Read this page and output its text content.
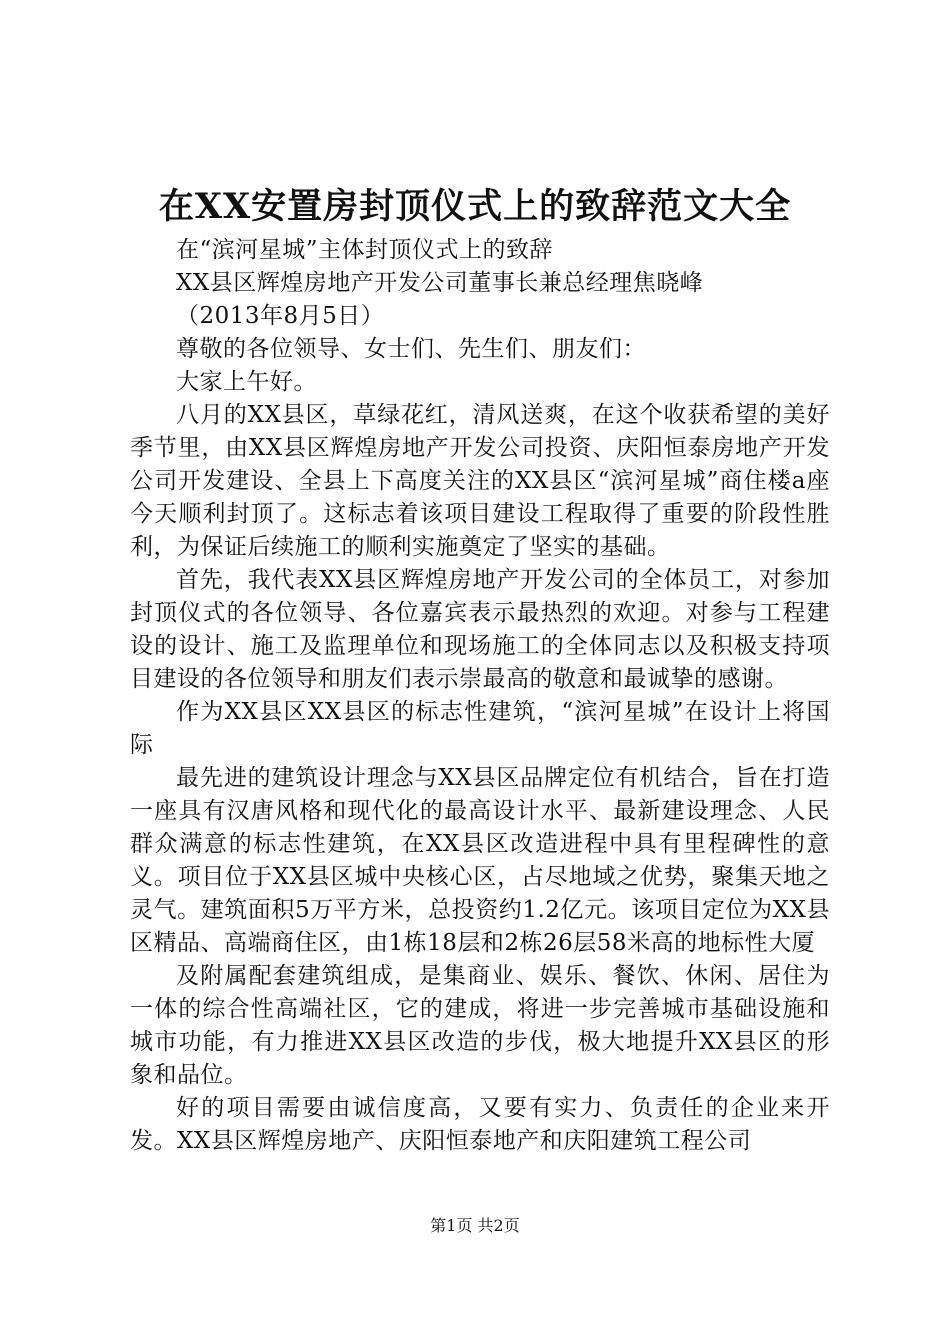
在XX安置房封顶仪式上的致辞范文大全

在“滨河星城”主体封顶仪式上的致辞

XX县区辉煌房地产开发公司董事长兼总经理焦晓峰

（2013年8月5日）

尊敬的各位领导、女士们、先生们、朋友们：

大家上午好。

八月的XX县区，草绿花红，清风送爽，在这个收获希望的美好季节里，由XX县区辉煌房地产开发公司投资、庆阳恒泰房地产开发公司开发建设、全县上下高度关注的XX县区“滨河星城”商住楼a座今天顺利封顶了。这标志着该项目建设工程取得了重要的阶段性胜利，为保证后续施工的顺利实施奠定了坚实的基础。

首先，我代表XX县区辉煌房地产开发公司的全体员工，对参加封顶仪式的各位领导、各位嘉宾表示最热烈的欢迎。对参与工程建设的设计、施工及监理单位和现场施工的全体同志以及积极支持项目建设的各位领导和朋友们表示崇最高的敬意和最诚挚的感谢。

作为XX县区XX县区的标志性建筑，“滨河星城”在设计上将国际

最先进的建筑设计理念与XX县区品牌定位有机结合，旨在打造一座具有汉唐风格和现代化的最高设计水平、最新建设理念、人民群众满意的标志性建筑，在XX县区改造进程中具有里程碑性的意义。项目位于XX县区城中央核心区，占尽地域之优势，聚集天地之灵气。建筑面积5万平方米，总投资约1.2亿元。该项目定位为XX县区精品、高端商住区，由1栋18层和2栋26层58米高的地标性大厦

及附属配套建筑组成，是集商业、娱乐、餐饮、休闲、居住为一体的综合性高端社区，它的建成，将进一步完善城市基础设施和城市功能，有力推进XX县区改造的步伐，极大地提升XX县区的形象和品位。

好的项目需要由诚信度高，又要有实力、负责任的企业来开发。XX县区辉煌房地产、庆阳恒泰地产和庆阳建筑工程公司

第1页 共2页
